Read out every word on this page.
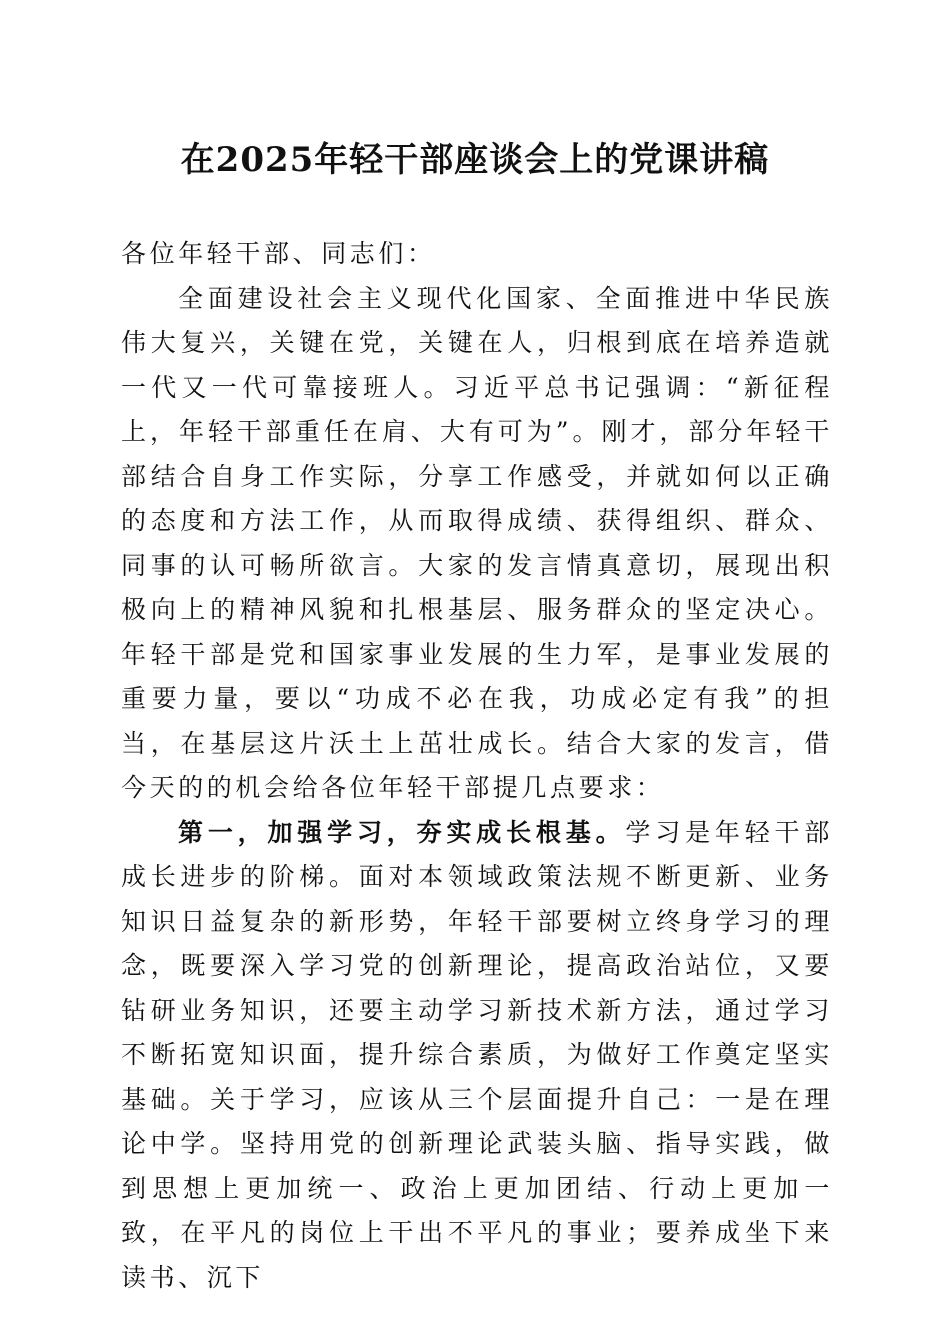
在2025年轻干部座谈会上的党课讲稿

各位年轻干部、同志们：

全面建设社会主义现代化国家、全面推进中华民族伟大复兴，关键在党，关键在人，归根到底在培养造就一代又一代可靠接班人。习近平总书记强调：“新征程上，年轻干部重任在肩、大有可为”。刚才，部分年轻干部结合自身工作实际，分享工作感受，并就如何以正确的态度和方法工作，从而取得成绩、获得组织、群众、同事的认可畅所欲言。大家的发言情真意切，展现出积极向上的精神风貌和扎根基层、服务群众的坚定决心。年轻干部是党和国家事业发展的生力军，是事业发展的重要力量，要以“功成不必在我，功成必定有我”的担当，在基层这片沃土上茁壮成长。结合大家的发言，借今天的的机会给各位年轻干部提几点要求：

第一，加强学习，夯实成长根基。学习是年轻干部成长进步的阶梯。面对本领域政策法规不断更新、业务知识日益复杂的新形势，年轻干部要树立终身学习的理念，既要深入学习党的创新理论，提高政治站位，又要钻研业务知识，还要主动学习新技术新方法，通过学习不断拓宽知识面，提升综合素质，为做好工作奠定坚实基础。关于学习，应该从三个层面提升自己：一是在理论中学。坚持用党的创新理论武装头脑、指导实践，做到思想上更加统一、政治上更加团结、行动上更加一致，在平凡的岗位上干出不平凡的事业；要养成坐下来读书、沉下
